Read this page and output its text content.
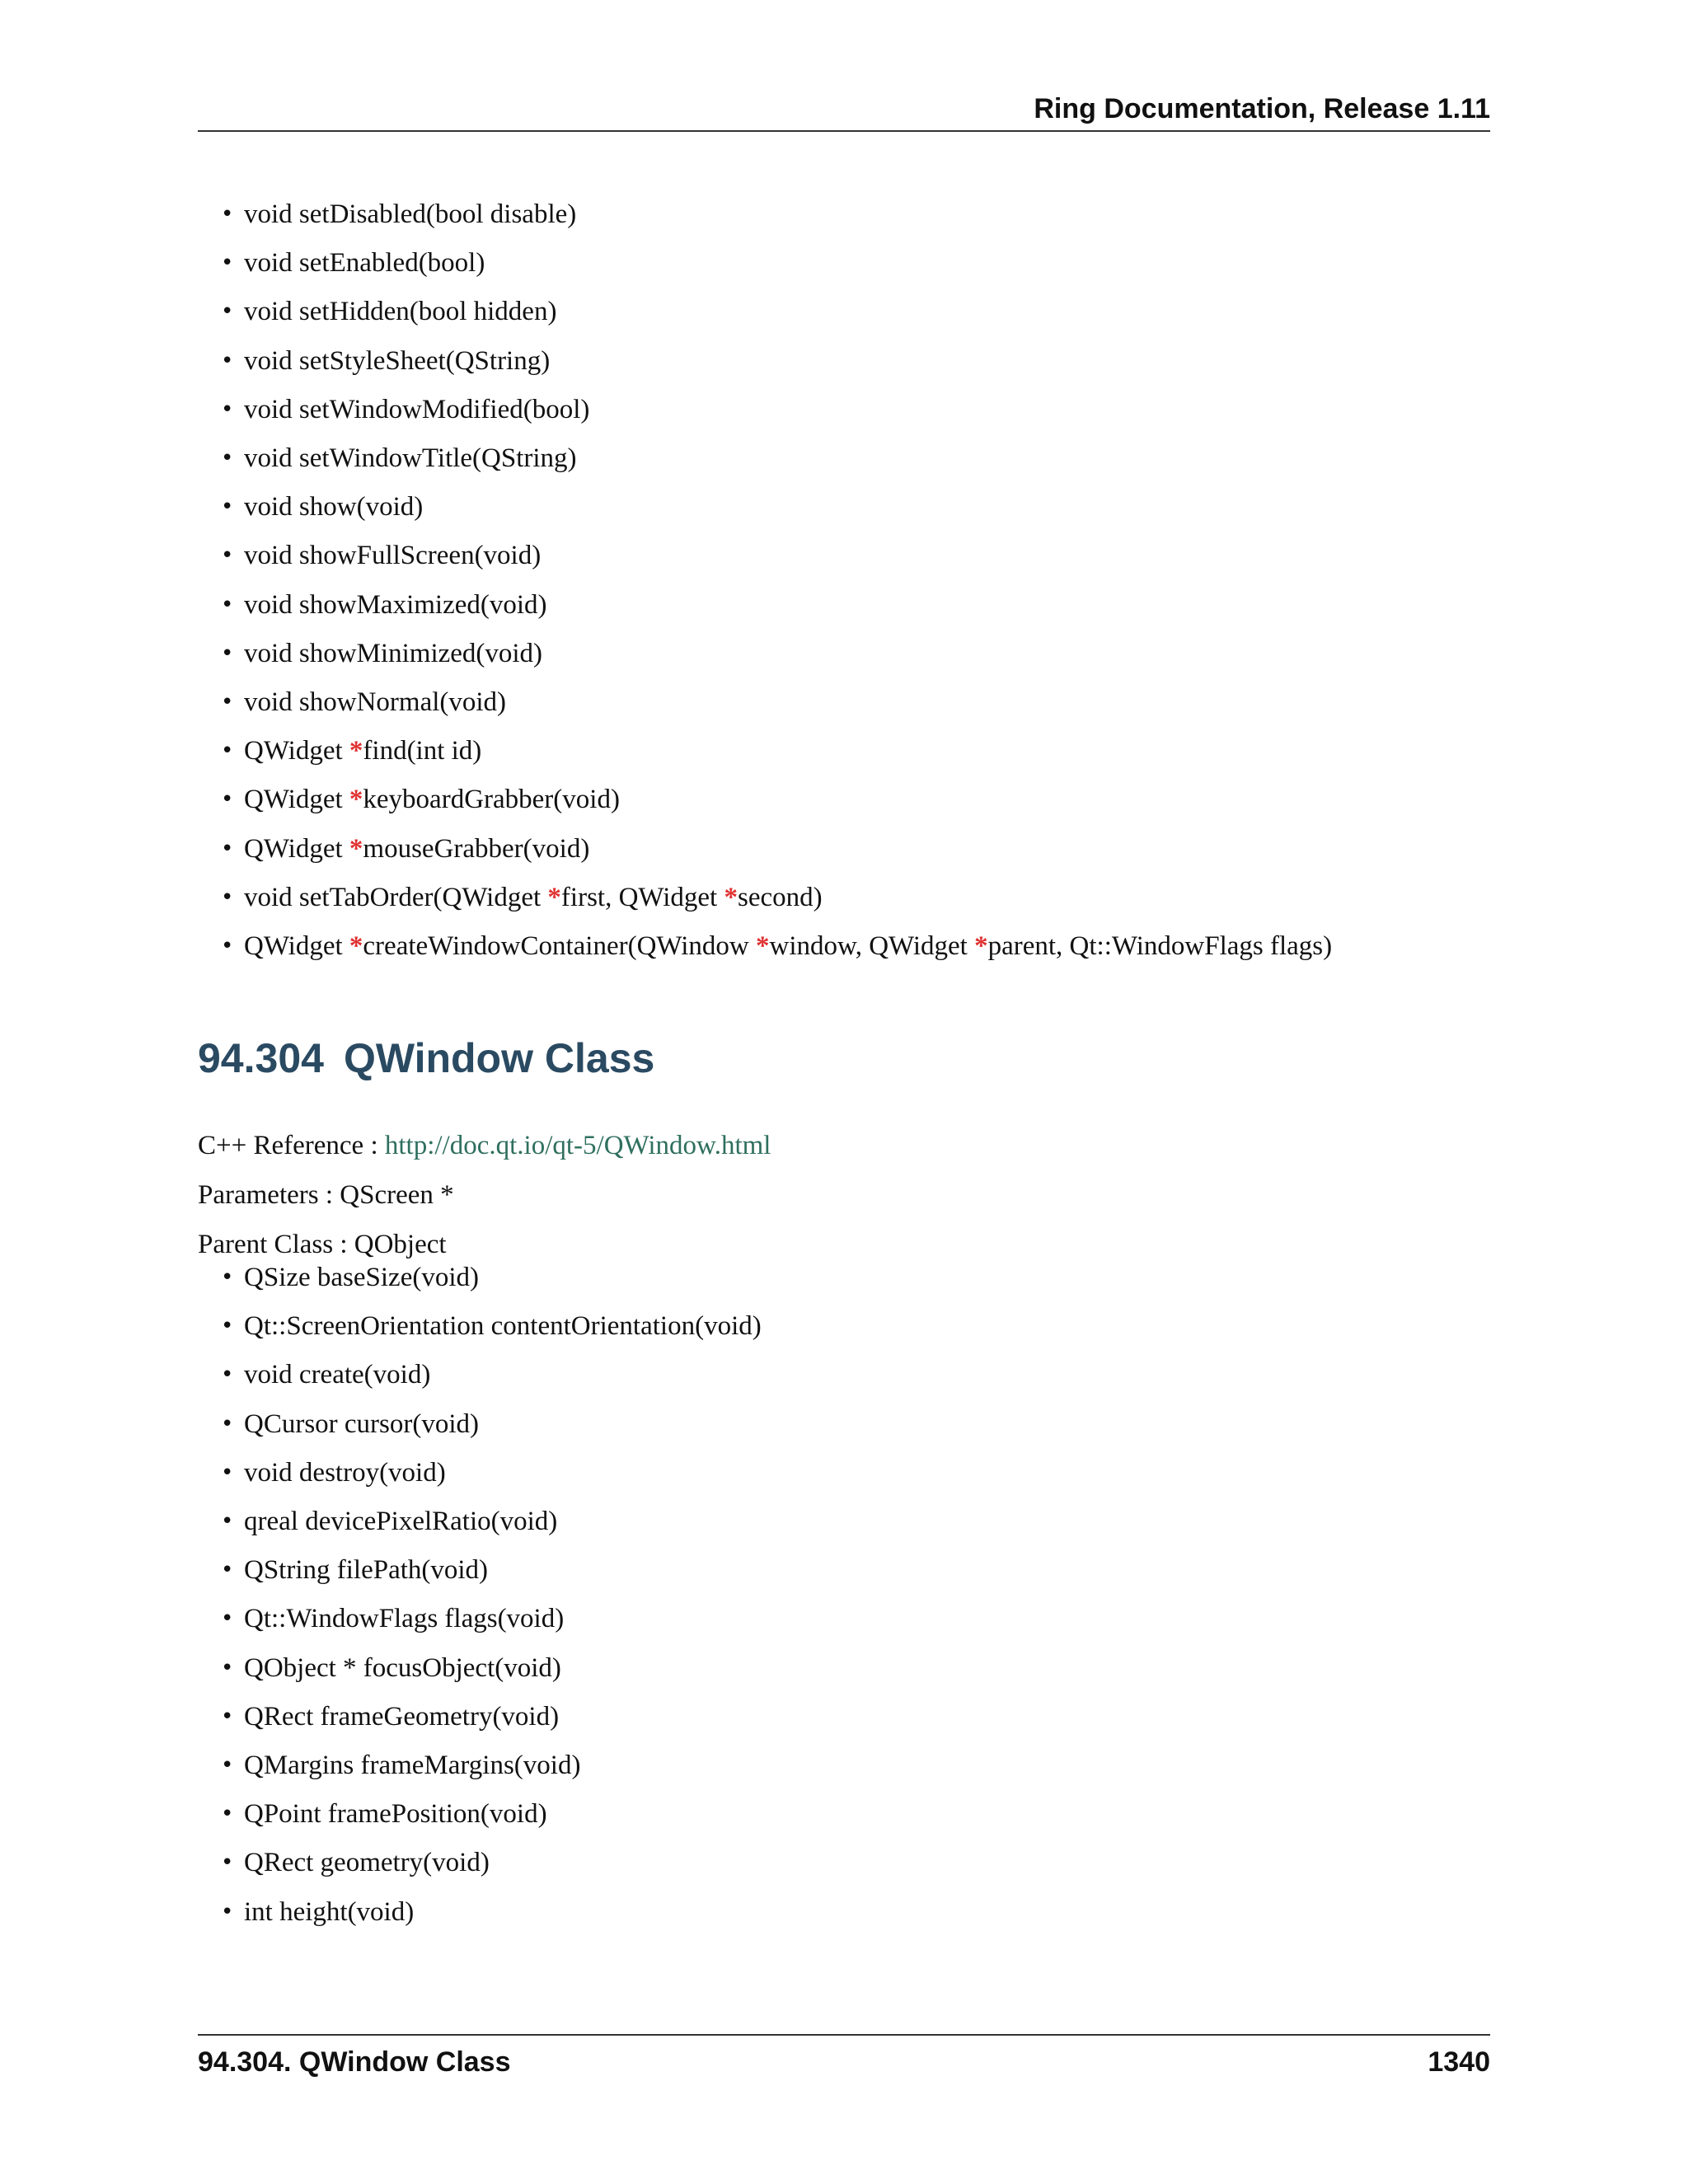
Ring Documentation, Release 1.11
• void setDisabled(bool disable)
• void setEnabled(bool)
• void setHidden(bool hidden)
• void setStyleSheet(QString)
• void setWindowModified(bool)
• void setWindowTitle(QString)
• void show(void)
• void showFullScreen(void)
• void showMaximized(void)
• void showMinimized(void)
• void showNormal(void)
• QWidget *find(int id)
• QWidget *keyboardGrabber(void)
• QWidget *mouseGrabber(void)
• void setTabOrder(QWidget *first, QWidget *second)
• QWidget *createWindowContainer(QWindow *window, QWidget *parent, Qt::WindowFlags flags)
94.304 QWindow Class
C++ Reference : http://doc.qt.io/qt-5/QWindow.html
Parameters : QScreen *
Parent Class : QObject
• QSize baseSize(void)
• Qt::ScreenOrientation contentOrientation(void)
• void create(void)
• QCursor cursor(void)
• void destroy(void)
• qreal devicePixelRatio(void)
• QString filePath(void)
• Qt::WindowFlags flags(void)
• QObject * focusObject(void)
• QRect frameGeometry(void)
• QMargins frameMargins(void)
• QPoint framePosition(void)
• QRect geometry(void)
• int height(void)
94.304. QWindow Class	1340
